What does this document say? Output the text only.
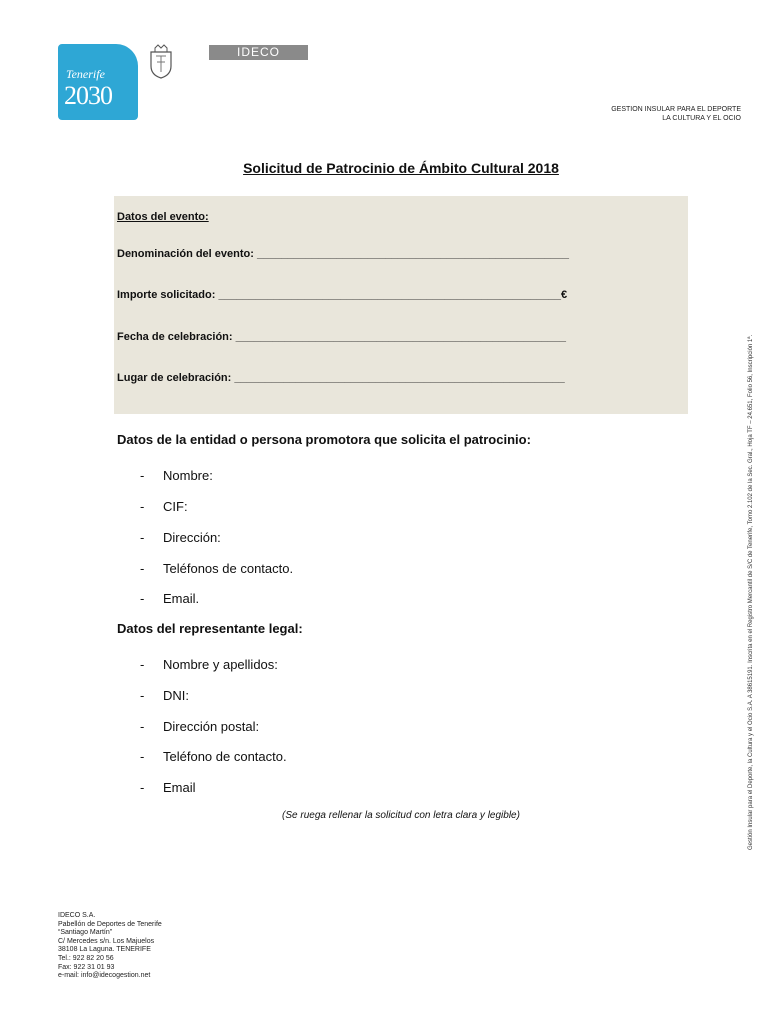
Tenerife
2030
IDECO
GESTION INSULAR PARA EL DEPORTE
LA CULTURA Y EL OCIO
Solicitud de Patrocinio de Ámbito Cultural 2018
Datos del evento:
Denominación del evento: ___________________________________________________
Importe solicitado: ________________________________________________________€
Fecha de celebración: ______________________________________________________
Lugar de celebración: ______________________________________________________
Datos de la entidad o persona promotora que solicita el patrocinio:
- Nombre:
- CIF:
- Dirección:
- Teléfonos de contacto.
- Email.
Datos del representante legal:
- Nombre y apellidos:
- DNI:
- Dirección postal:
- Teléfono de contacto.
- Email
(Se ruega rellenar la solicitud con letra clara y legible)	Gestión Insular para el Deporte, la Cultura y el Ocio S.A. A 38615191. Inscrita en el Registro Mercantil de S/C de Tenerife, Tomo 2.102 de la Sec. Gral., Hoja TF – 24.651, Folio 56, Inscripción 1ª.
IDECO S.A.
Pabellón de Deportes de Tenerife
“Santiago Martín”
C/ Mercedes s/n. Los Majuelos
38108 La Laguna. TENERIFE
Tel.: 922 82 20 56
Fax: 922 31 01 93
e-mail: info@idecogestion.net
